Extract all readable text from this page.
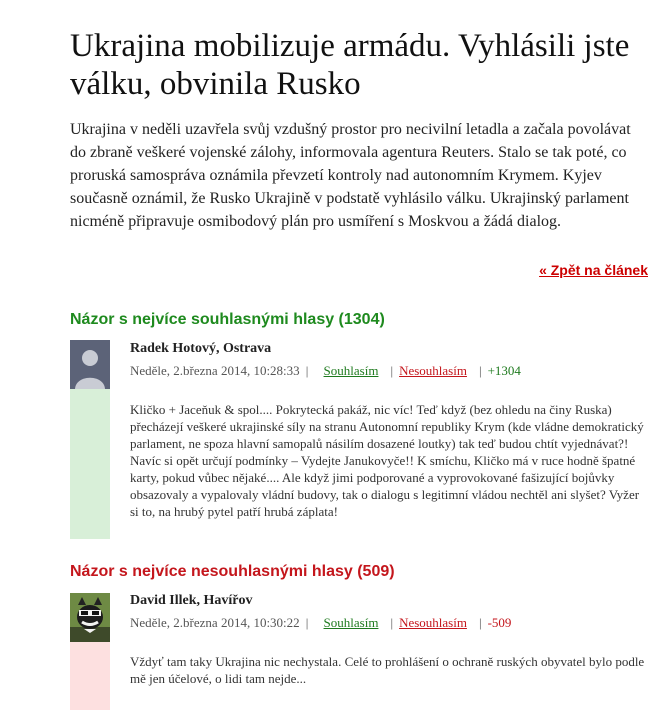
Ukrajina mobilizuje armádu. Vyhlásili jste válku, obvinila Rusko

Ukrajina v neděli uzavřela svůj vzdušný prostor pro necivilní letadla a začala povolávat do zbraně veškeré vojenské zálohy, informovala agentura Reuters. Stalo se tak poté, co proruská samospráva oznámila převzetí kontroly nad autonomním Krymem. Kyjev současně oznámil, že Rusko Ukrajině v podstatě vyhlásilo válku. Ukrajinský parlament nicméně připravuje osmibodový plán pro usmíření s Moskvou a žádá dialog.

« Zpět na článek
Názor s nejvíce souhlasnými hlasy (1304)
Radek Hotový, Ostrava
Neděle, 2.března 2014, 10:28:33 | Souhlasím | Nesouhlasím | +1304

Kličko + Jaceňuk & spol.... Pokrytecká pakáž, nic víc! Teď když (bez ohledu na činy Ruska) přecházejí veškeré ukrajinské síly na stranu Autonomní republiky Krym (kde vládne demokratický parlament, ne spoza hlavní samopalů násilím dosazené loutky) tak teď budou chtít vyjednávat?! Navíc si opět určují podmínky – Vydejte Janukovyče!! K smíchu, Kličko má v ruce hodně špatné karty, pokud vůbec nějaké.... Ale když jimi podporované a vyprovokované fašizující bojůvky obsazovaly a vypalovaly vládní budovy, tak o dialogu s legitimní vládou nechtěl ani slyšet? Vyžer si to, na hrubý pytel patří hrubá záplata!

Názor s nejvíce nesouhlasnými hlasy (509)
David Illek, Havířov
Neděle, 2.března 2014, 10:30:22 | Souhlasím | Nesouhlasím | -509

Vždyť tam taky Ukrajina nic nechystala. Celé to prohlášení o ochraně ruských obyvatel bylo podle mě jen účelové, o lidi tam nejde...
